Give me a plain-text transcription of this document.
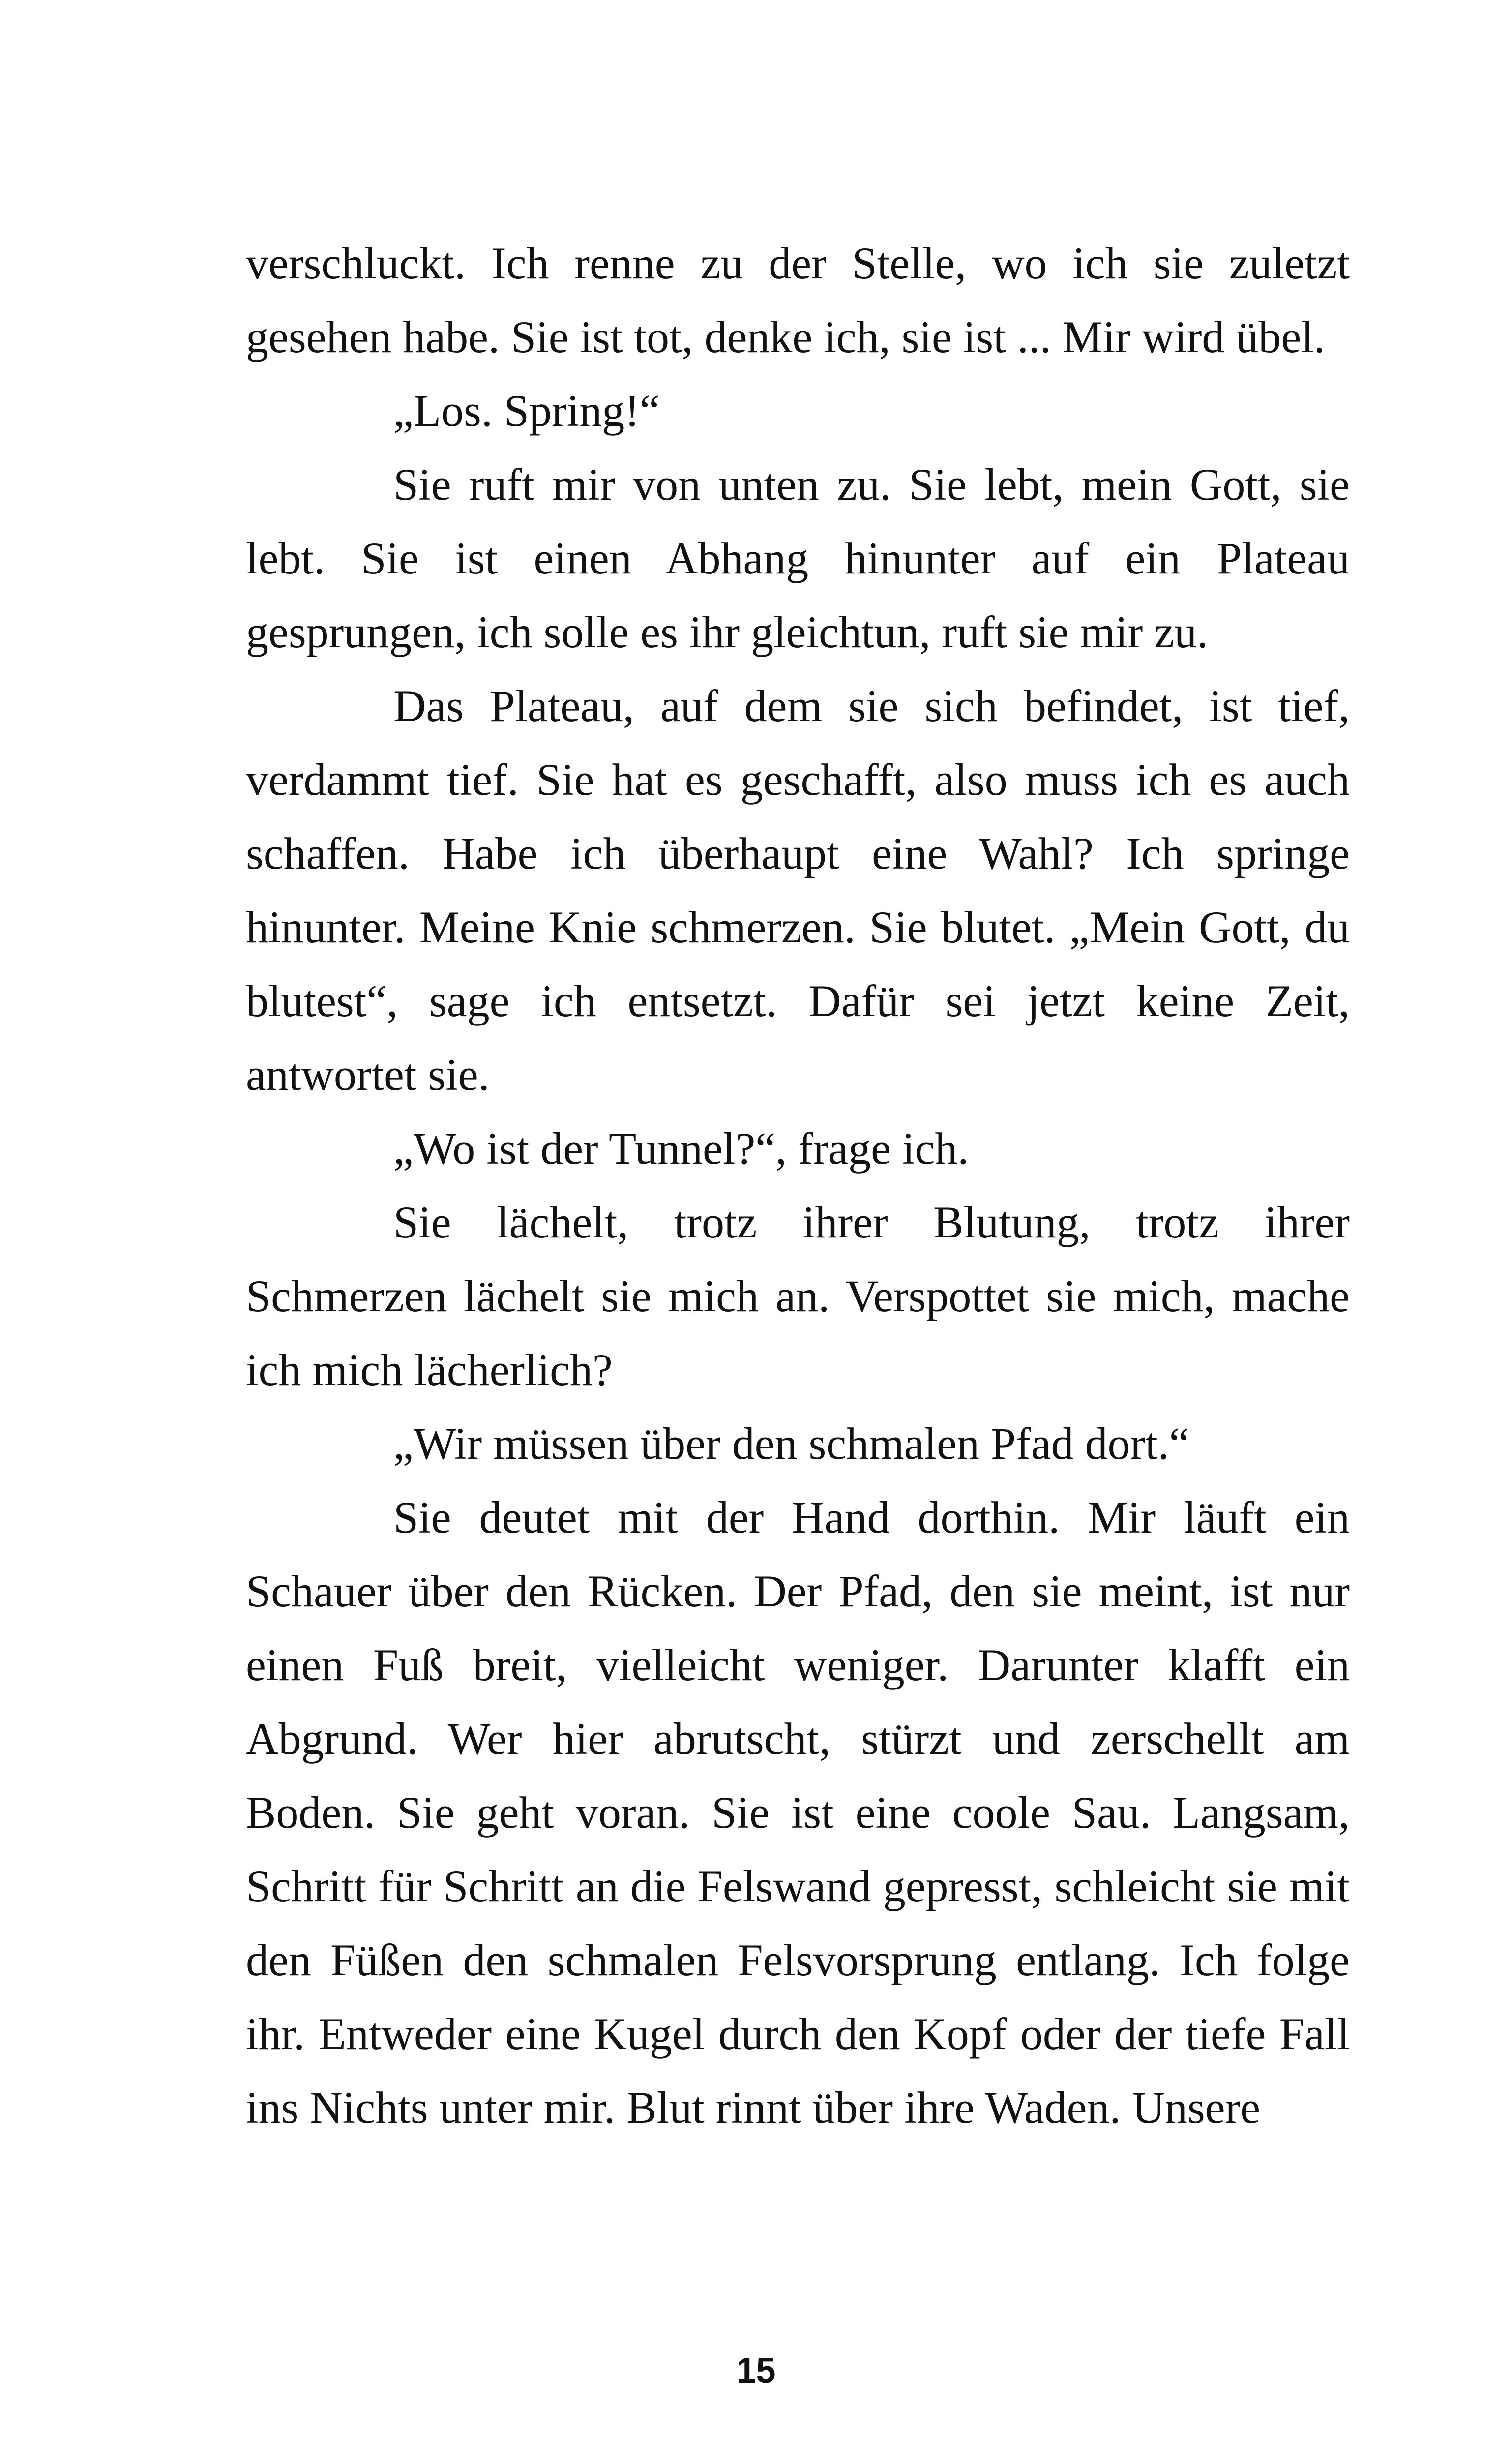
verschluckt. Ich renne zu der Stelle, wo ich sie zuletzt gesehen habe. Sie ist tot, denke ich, sie ist ... Mir wird übel.

„Los. Spring!“

Sie ruft mir von unten zu. Sie lebt, mein Gott, sie lebt. Sie ist einen Abhang hinunter auf ein Plateau gesprungen, ich solle es ihr gleichtun, ruft sie mir zu.

Das Plateau, auf dem sie sich befindet, ist tief, verdammt tief. Sie hat es geschafft, also muss ich es auch schaffen. Habe ich überhaupt eine Wahl? Ich springe hinunter. Meine Knie schmerzen. Sie blutet. „Mein Gott, du blutest“, sage ich entsetzt. Dafür sei jetzt keine Zeit, antwortet sie.

„Wo ist der Tunnel?“, frage ich.

Sie lächelt, trotz ihrer Blutung, trotz ihrer Schmerzen lächelt sie mich an. Verspottet sie mich, mache ich mich lächerlich?

„Wir müssen über den schmalen Pfad dort.“

Sie deutet mit der Hand dorthin. Mir läuft ein Schauer über den Rücken. Der Pfad, den sie meint, ist nur einen Fuß breit, vielleicht weniger. Darunter klafft ein Abgrund. Wer hier abrutscht, stürzt und zerschellt am Boden. Sie geht voran. Sie ist eine coole Sau. Langsam, Schritt für Schritt an die Felswand gepresst, schleicht sie mit den Füßen den schmalen Felsvorsprung entlang. Ich folge ihr. Entweder eine Kugel durch den Kopf oder der tiefe Fall ins Nichts unter mir. Blut rinnt über ihre Waden. Unsere

15
